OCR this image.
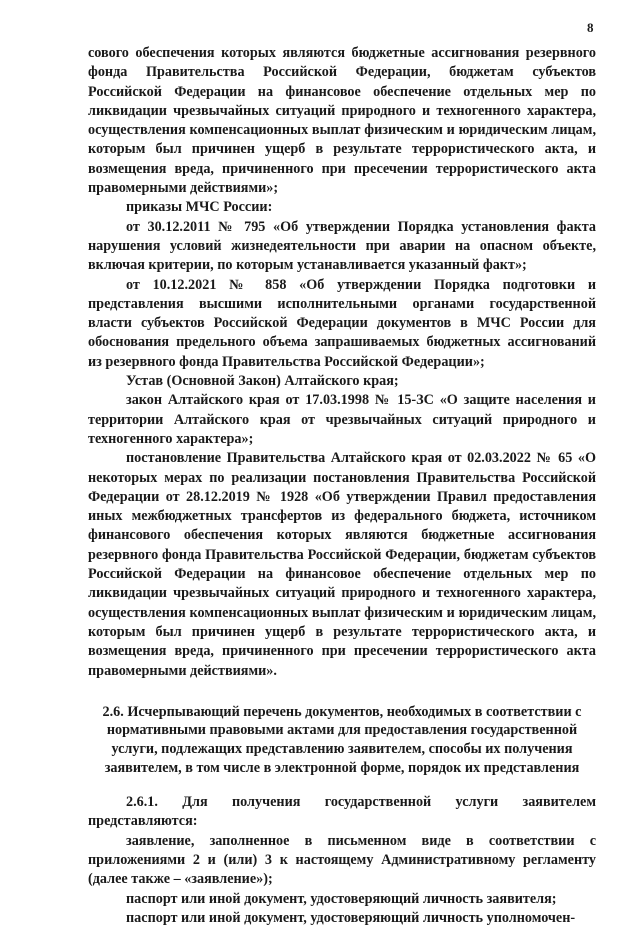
8

сового обеспечения которых являются бюджетные ассигнования резервного фонда Правительства Российской Федерации, бюджетам субъектов Российской Федерации на финансовое обеспечение отдельных мер по ликвидации чрезвычайных ситуаций природного и техногенного характера, осуществления компенсационных выплат физическим и юридическим лицам, которым был причинен ущерб в результате террористического акта, и возмещения вреда, причиненного при пресечении террористического акта правомерными действиями»;

приказы МЧС России:

от 30.12.2011 № 795 «Об утверждении Порядка установления факта нарушения условий жизнедеятельности при аварии на опасном объекте, включая критерии, по которым устанавливается указанный факт»;

от 10.12.2021 № 858 «Об утверждении Порядка подготовки и представления высшими исполнительными органами государственной власти субъектов Российской Федерации документов в МЧС России для обоснования предельного объема запрашиваемых бюджетных ассигнований из резервного фонда Правительства Российской Федерации»;

Устав (Основной Закон) Алтайского края;

закон Алтайского края от 17.03.1998 № 15-ЗС «О защите населения и территории Алтайского края от чрезвычайных ситуаций природного и техногенного характера»;

постановление Правительства Алтайского края от 02.03.2022 № 65 «О некоторых мерах по реализации постановления Правительства Российской Федерации от 28.12.2019 № 1928 «Об утверждении Правил предоставления иных межбюджетных трансфертов из федерального бюджета, источником финансового обеспечения которых являются бюджетные ассигнования резервного фонда Правительства Российской Федерации, бюджетам субъектов Российской Федерации на финансовое обеспечение отдельных мер по ликвидации чрезвычайных ситуаций природного и техногенного характера, осуществления компенсационных выплат физическим и юридическим лицам, которым был причинен ущерб в результате террористического акта, и возмещения вреда, причиненного при пресечении террористического акта правомерными действиями».

2.6. Исчерпывающий перечень документов, необходимых в соответствии с нормативными правовыми актами для предоставления государственной услуги, подлежащих представлению заявителем, способы их получения заявителем, в том числе в электронной форме, порядок их представления

2.6.1. Для получения государственной услуги заявителем представляются:

заявление, заполненное в письменном виде в соответствии с приложениями 2 и (или) 3 к настоящему Административному регламенту (далее также – «заявление»);

паспорт или иной документ, удостоверяющий личность заявителя;

паспорт или иной документ, удостоверяющий личность уполномочен-
